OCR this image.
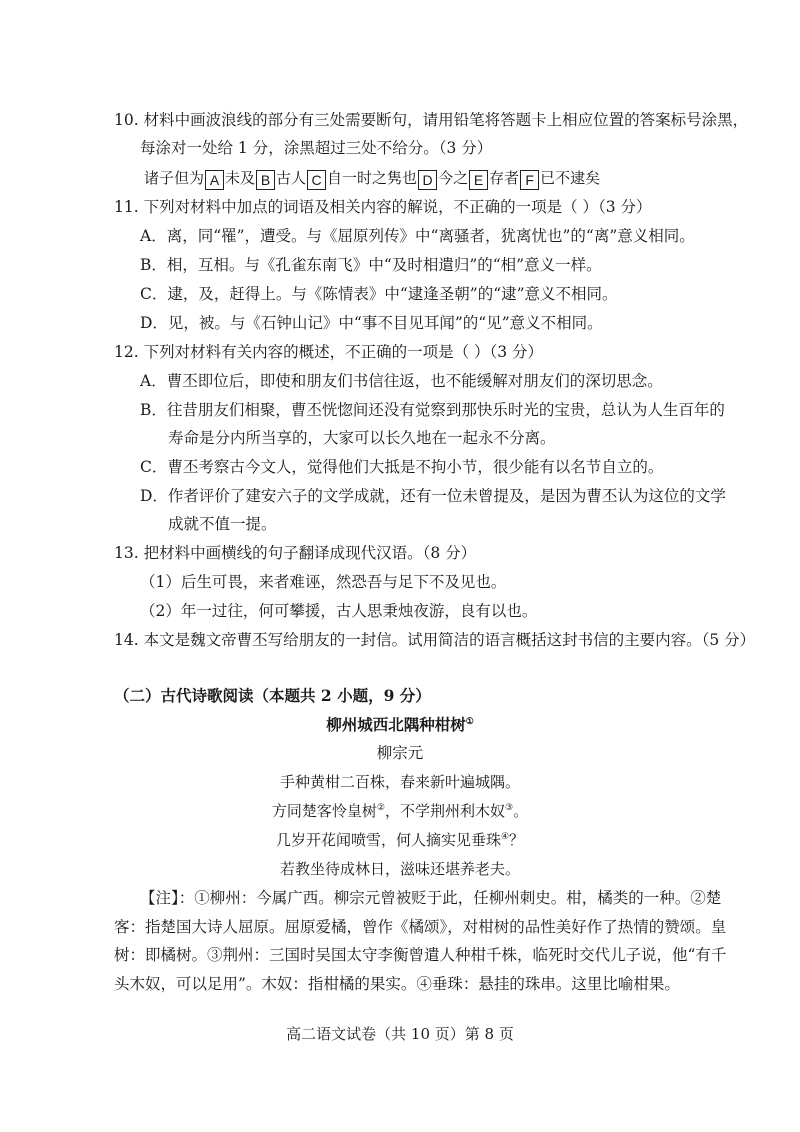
10. 材料中画波浪线的部分有三处需要断句，请用铅笔将答题卡上相应位置的答案标号涂黑，
每涂对一处给 1 分，涂黑超过三处不给分。（3 分）
诸子但为 A 未及 B 古人 C 自一时之隽也 D 今之 E 存者 F 已不逮矣
11. 下列对材料中加点的词语及相关内容的解说，不正确的一项是（ ）（3 分）
A．离，同“罹”，遭受。与《屈原列传》中“离骚者，犹离忧也”的“离”意义相同。
B．相，互相。与《孔雀东南飞》中“及时相遣归”的“相”意义一样。
C．逮，及，赶得上。与《陈情表》中“逮逢圣朝”的“逮”意义不相同。
D．见，被。与《石钟山记》中“事不目见耳闻”的“见”意义不相同。
12. 下列对材料有关内容的概述，不正确的一项是（ ）（3 分）
A．曹丕即位后，即使和朋友们书信往返，也不能缓解对朋友们的深切思念。
B．往昔朋友们相聚，曹丕恍惚间还没有觉察到那快乐时光的宝贵，总认为人生百年的
寿命是分内所当享的，大家可以长久地在一起永不分离。
C．曹丕考察古今文人，觉得他们大抵是不拘小节，很少能有以名节自立的。
D．作者评价了建安六子的文学成就，还有一位未曾提及，是因为曹丕认为这位的文学
成就不值一提。
13. 把材料中画横线的句子翻译成现代汉语。（8 分）
（1）后生可畏，来者难诬，然恐吾与足下不及见也。
（2）年一过往，何可攀援，古人思秉烛夜游，良有以也。
14. 本文是魏文帝曹丕写给朋友的一封信。试用简洁的语言概括这封书信的主要内容。（5 分）
（二）古代诗歌阅读（本题共 2 小题，9 分）
柳州城西北隅种柑树①
柳宗元
手种黄柑二百株，春来新叶遍城隅。
方同楚客怜皇树②，不学荆州利木奴③。
几岁开花闻喷雪，何人摘实见垂珠④？
若教坐待成林日，滋味还堪养老夫。
【注】：①柳州：今属广西。柳宗元曾被贬于此，任柳州刺史。柑，橘类的一种。②楚
客：指楚国大诗人屈原。屈原爱橘，曾作《橘颂》，对柑树的品性美好作了热情的赞颂。皇
树：即橘树。③荆州：三国时吴国太守李衡曾遣人种柑千株，临死时交代儿子说，他“有千
头木奴，可以足用”。木奴：指柑橘的果实。④垂珠：悬挂的珠串。这里比喻柑果。
高二语文试卷（共 10 页）第 8 页
